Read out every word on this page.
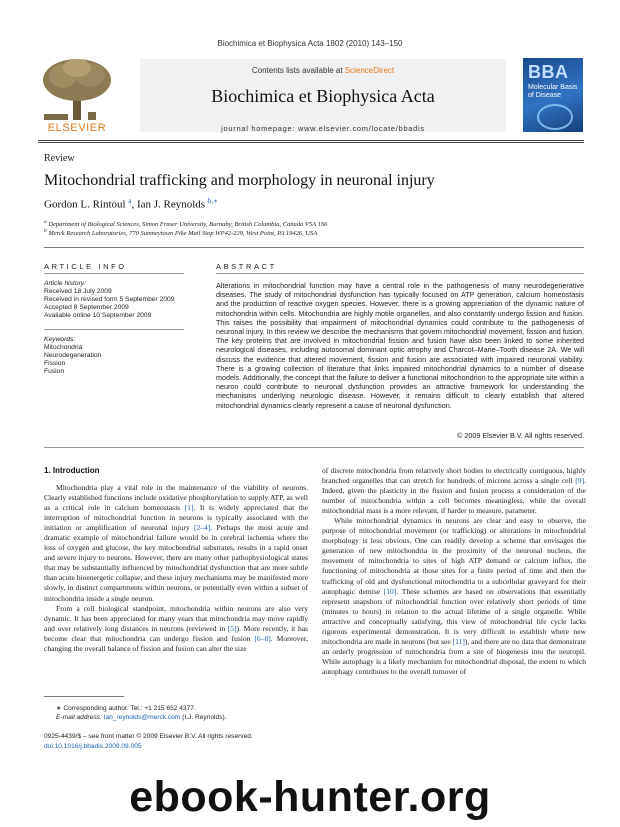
Biochimica et Biophysica Acta 1802 (2010) 143–150
ELSEVIER
Contents lists available at ScienceDirect
Biochimica et Biophysica Acta
journal homepage: www.elsevier.com/locate/bbadis
BBA
Molecular Basis of Disease
Review
Mitochondrial trafficking and morphology in neuronal injury
Gordon L. Rintoul $^a$, Ian J. Reynolds $^{b,∗}$
$^a$ Department of Biological Sciences, Simon Fraser University, Burnaby, British Columbia, Canada V5A 1S6
$^b$ Merck Research Laboratories, 770 Sumneytown Pike Mail Stop WP42-229, West Point, PA 19426, USA
ARTICLE INFO
Article history:
Received 18 July 2009
Received in revised form 5 September 2009
Accepted 8 September 2009
Available online 10 September 2009
Keywords:
Mitochondria
Neurodegeneration
Fission
Fusion
ABSTRACT
Alterations in mitochondrial function may have a central role in the pathogenesis of many neurodegenerative diseases. The study of mitochondrial dysfunction has typically focused on ATP generation, calcium homeostasis and the production of reactive oxygen species. However, there is a growing appreciation of the dynamic nature of mitochondria within cells. Mitochondria are highly motile organelles, and also constantly undergo fission and fusion. This raises the possibility that impairment of mitochondrial dynamics could contribute to the pathogenesis of neuronal injury. In this review we describe the mechanisms that govern mitochondrial movement, fission and fusion. The key proteins that are involved in mitochondrial fission and fusion have also been linked to some inherited neurological diseases, including autosomal dominant optic atrophy and Charcot–Marie–Tooth disease 2A. We will discuss the evidence that altered movement, fission and fusion are associated with impaired neuronal viability. There is a growing collection of literature that links impaired mitochondrial dynamics to a number of disease models. Additionally, the concept that the failure to deliver a functional mitochondrion to the appropriate site within a neuron could contribute to neuronal dysfunction provides an attractive framework for understanding the mechanisms underlying neurologic disease. However, it remains difficult to clearly establish that altered mitochondrial dynamics clearly represent a cause of neuronal dysfunction.
© 2009 Elsevier B.V. All rights reserved.
1. Introduction

Mitochondria play a vital role in the maintenance of the viability of neurons. Clearly established functions include oxidative phosphorylation to supply ATP, as well as a critical role in calcium homeostasis [1]. It is widely appreciated that the interruption of mitochondrial function in neurons is typically associated with the initiation or amplification of neuronal injury [2–4]. Perhaps the most acute and dramatic example of mitochondrial failure would be in cerebral ischemia where the loss of oxygen and glucose, the key mitochondrial substrates, results in a rapid onset and severe injury to neurons. However, there are many other pathophysiological states that may be substantially influenced by mitochondrial dysfunction that are more subtle than acute bioenergetic collapse, and these injury mechanisms may be manifested more slowly, in distinct compartments within neurons, or potentially even within a subset of mitochondria inside a single neuron.

From a cell biological standpoint, mitochondria within neurons are also very dynamic. It has been appreciated for many years that mitochondria may move rapidly and over relatively long distances in neurons (reviewed in [5]). More recently, it has become clear that mitochondria can undergo fission and fusion [6–8]. Moreover, changing the overall balance of fission and fusion can alter the size

of discrete mitochondria from relatively short bodies to electrically contiguous, highly branched organelles that can stretch for hundreds of microns across a single cell [9]. Indeed, given the plasticity in the fission and fusion process a consideration of the number of mitochondria within a cell becomes meaningless, while the overall mitochondrial mass is a more relevant, if harder to measure, parameter.

While mitochondrial dynamics in neurons are clear and easy to observe, the purpose of mitochondrial movement (or trafficking) or alterations in mitochondrial morphology is less obvious. One can readily develop a scheme that envisages the generation of new mitochondria in the proximity of the neuronal nucleus, the movement of mitochondria to sites of high ATP demand or calcium influx, the functioning of mitochondria at those sites for a finite period of time and then the trafficking of old and dysfunctional mitochondria to a subcellular graveyard for their autophagic demise [10]. These schemes are based on observations that essentially represent snapshots of mitochondrial function over relatively short periods of time (minutes to hours) in relation to the actual lifetime of a single organelle. While attractive and conceptually satisfying, this view of mitochondrial life cycle lacks rigorous experimental demonstration. It is very difficult to establish where new mitochondria are made in neurons (but see [11]), and there are no data that demonstrate an orderly progression of mitochondria from a site of biogenesis into the neuropil. While autophagy is a likely mechanism for mitochondrial disposal, the extent to which autophagy contributes to the overall turnover of

∗ Corresponding author. Tel.: +1 215 652 4377.
E-mail address: Ian_reynolds@merck.com (I.J. Reynolds).
0925-4439/$ – see front matter © 2009 Elsevier B.V. All rights reserved.
doi:10.1016/j.bbadis.2009.09.005
ebook-hunter.org
